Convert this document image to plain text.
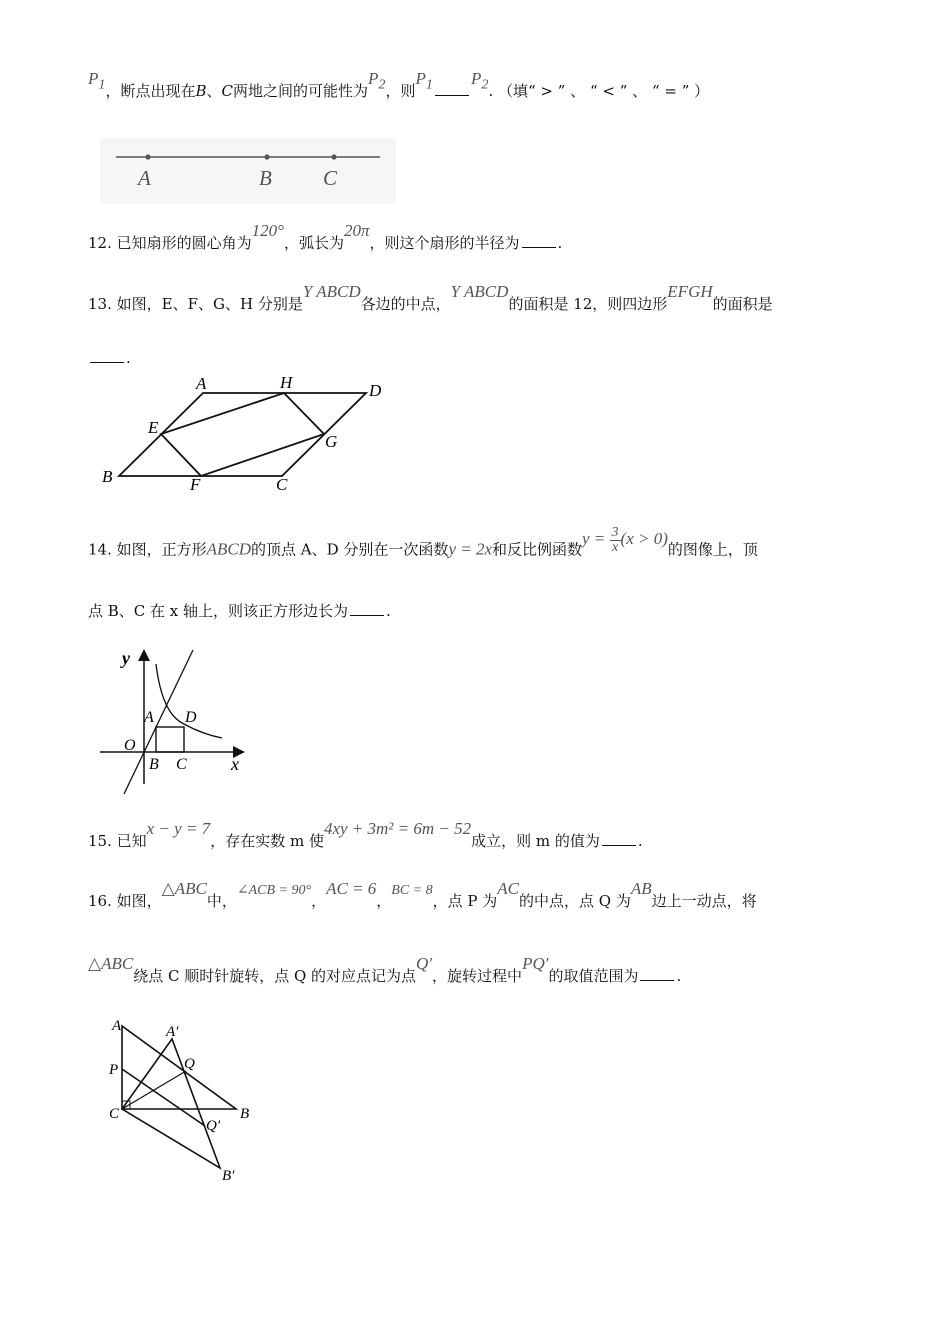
$P_1$，断点出现在B、C两地之间的可能性为$P_2$，则$P_1$ $P_2$. （填“ > ” 、 “ < ” 、 “ = ” ）
A	B C
12. 已知扇形的圆心角为120°，弧长为20π，则这个扇形的半径为	.
13. 如图，E、F、G、H 分别是Y ABCD各边的中点，Y ABCD的面积是 12，则四边形EFGH的面积是
.
A	H	D
E
G
B	F	C
14. 如图，正方形ABCD的顶点 A、D 分别在一次函数y = 2x和反比例函数$y = \frac{3}{x} (x > 0)$的图像上，顶
点 B、C 在 x 轴上，则该正方形边长为	.
y
A D
O
B C x
15. 已知x − y = 7，存在实数 m 使4xy + 3m² = 6m − 52成立，则 m 的值为	.
16. 如图，△ABC中，∠ACB = 90°，AC = 6，BC = 8，点 P 为AC的中点，点 Q 为AB边上一动点，将
△ABC绕点 C 顺时针旋转，点 Q 的对应点记为点Q′，旋转过程中PQ′的取值范围为	.
A	A′
Q
P
C	B
Q′
B′
